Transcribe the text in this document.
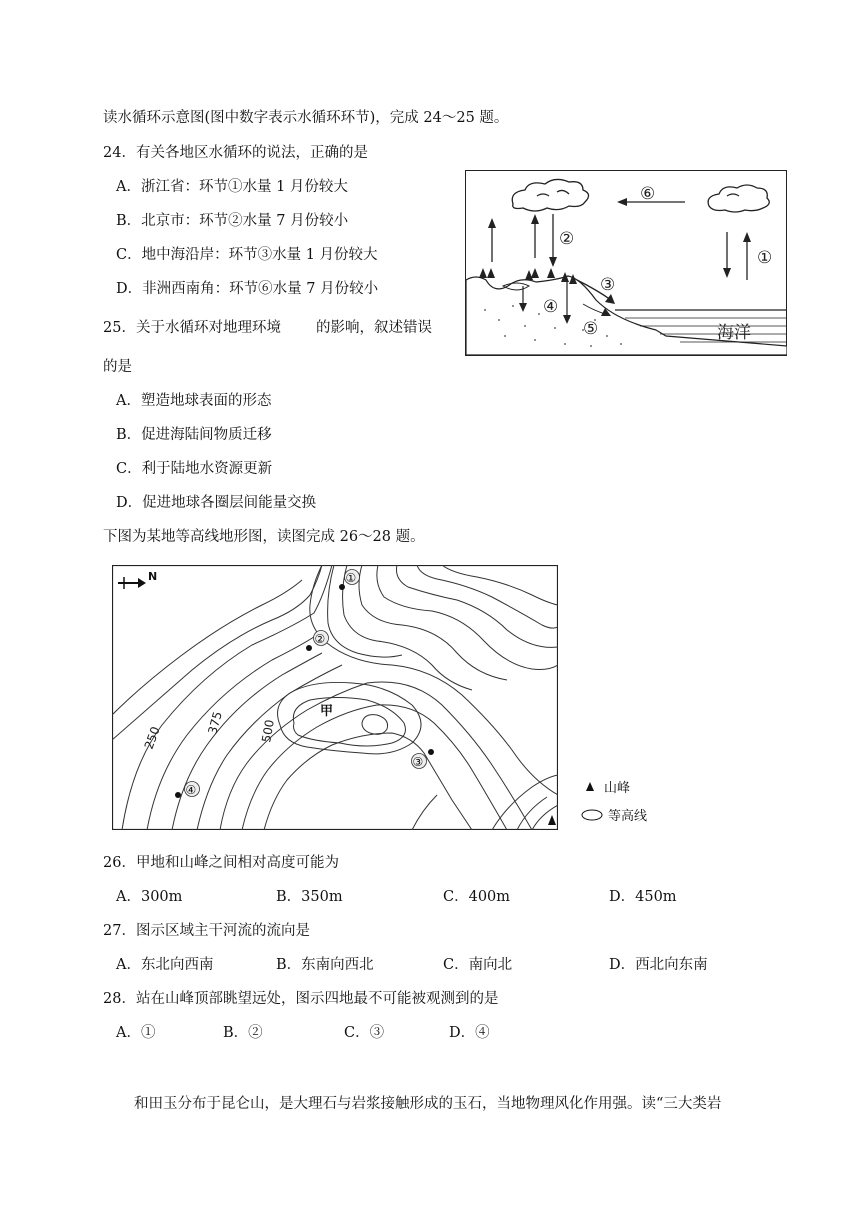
读水循环示意图(图中数字表示水循环环节)，完成 24～25 题。
24．有关各地区水循环的说法，正确的是
A．浙江省：环节①水量 1 月份较大
B．北京市：环节②水量 7 月份较小
C．地中海沿岸：环节③水量 1 月份较大
D．非洲西南角：环节⑥水量 7 月份较小
25．关于水循环对地理环境 的影响，叙述错误
的是
A．塑造地球表面的形态
B．促进海陆间物质迁移
C．利于陆地水资源更新
D．促进地球各圈层间能量交换
⑥
①
②
海洋
④
③
⑤
下图为某地等高线地形图，读图完成 26～28 题。
N
250
375	500
甲
①
②
③
④	山峰
等高线
26．甲地和山峰之间相对高度可能为
A．300m	B．350m	C．400m	D．450m
27．图示区域主干河流的流向是
A．东北向西南	B．东南向西北	C．南向北	D．西北向东南
28．站在山峰顶部眺望远处，图示四地最不可能被观测到的是
A．①	B．②	C．③	D．④
和田玉分布于昆仑山，是大理石与岩浆接触形成的玉石，当地物理风化作用强。读“三大类岩
